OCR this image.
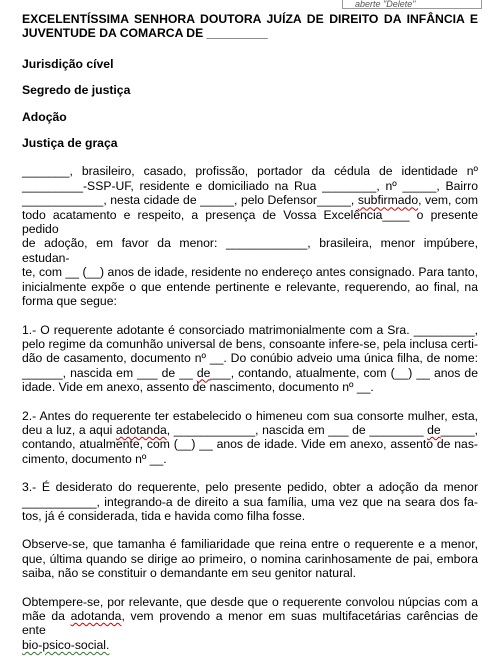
aberte "Delete"
EXCELENTÍSSIMA SENHORA DOUTORA JUÍZA DE DIREITO DA INFÂNCIA E
JUVENTUDE DA COMARCA DE _________
Jurisdição cível
Segredo de justiça
Adoção
Justiça de graça
_______, brasileiro, casado, profissão, portador da cédula de identidade nº
_________-SSP-UF, residente e domiciliado na Rua ________, nº _____, Bairro
____________, nesta cidade de _____, pelo Defensor_____, subfirmado, vem, com
todo acatamento e respeito, a presença de Vossa Excelência____ o presente pedido
de adoção, em favor da menor: ____________, brasileira, menor impúbere, estudan-
te, com __ (__) anos de idade, residente no endereço antes consignado. Para tanto,
inicialmente expõe o que entende pertinente e relevante, requerendo, ao final, na
forma que segue:
1.- O requerente adotante é consorciado matrimonialmente com a Sra. _________,
pelo regime da comunhão universal de bens, consoante infere-se, pela inclusa certi-
dão de casamento, documento nº __. Do conúbio adveio uma única filha, de nome:
______, nascida em ___ de __ de___, contando, atualmente, com (__) __ anos de
idade. Vide em anexo, assento de nascimento, documento nº __.
2.- Antes do requerente ter estabelecido o himeneu com sua consorte mulher, esta,
deu a luz, a aqui adotanda, ____________, nascida em ___ de ________ de_____,
contando, atualmente, com (__) __ anos de idade. Vide em anexo, assento de nas-
cimento, documento nº __.
3.- É desiderato do requerente, pelo presente pedido, obter a adoção da menor
___________, integrando-a de direito a sua família, uma vez que na seara dos fa-
tos, já é considerada, tida e havida como filha fosse.
Observe-se, que tamanha é familiaridade que reina entre o requerente e a menor,
que, última quando se dirige ao primeiro, o nomina carinhosamente de pai, embora
saiba, não se constituir o demandante em seu genitor natural.
Obtempere-se, por relevante, que desde que o requerente convolou núpcias com a
mãe da adotanda, vem provendo a menor em suas multifacetárias carências de ente
bio-psico-social.
